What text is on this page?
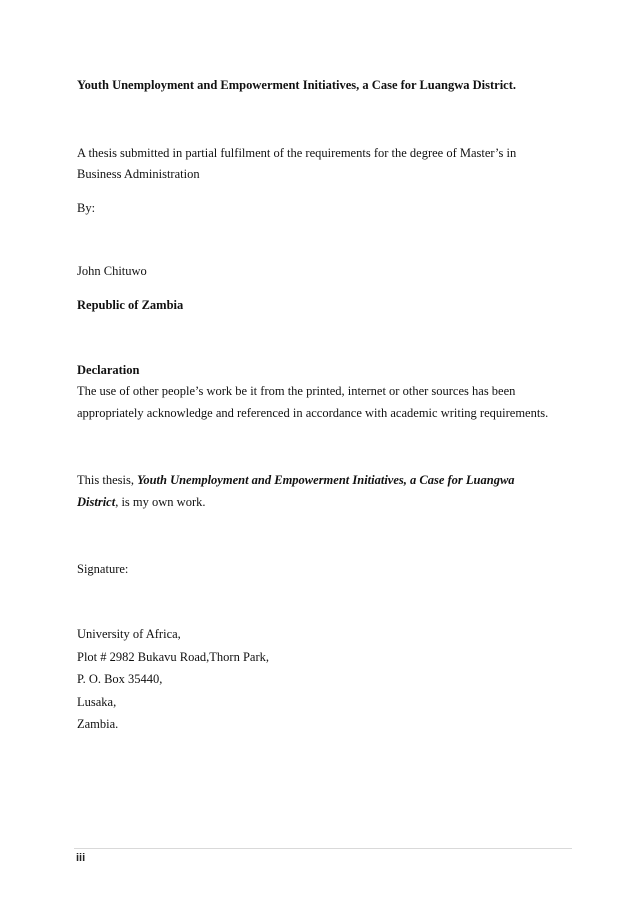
Youth Unemployment and Empowerment Initiatives, a Case for Luangwa District.

A thesis submitted in partial fulfilment of the requirements for the degree of Master’s in

Business Administration

By:

John Chituwo

Republic of Zambia

Declaration

The use of other people’s work be it from the printed, internet or other sources has been

appropriately acknowledge and referenced in accordance with academic writing requirements.

This thesis, Youth Unemployment and Empowerment Initiatives, a Case for Luangwa

District, is my own work.

Signature:

University of Africa,

Plot # 2982 Bukavu Road,Thorn Park,

P. O. Box 35440,

Lusaka,

Zambia.

iii
